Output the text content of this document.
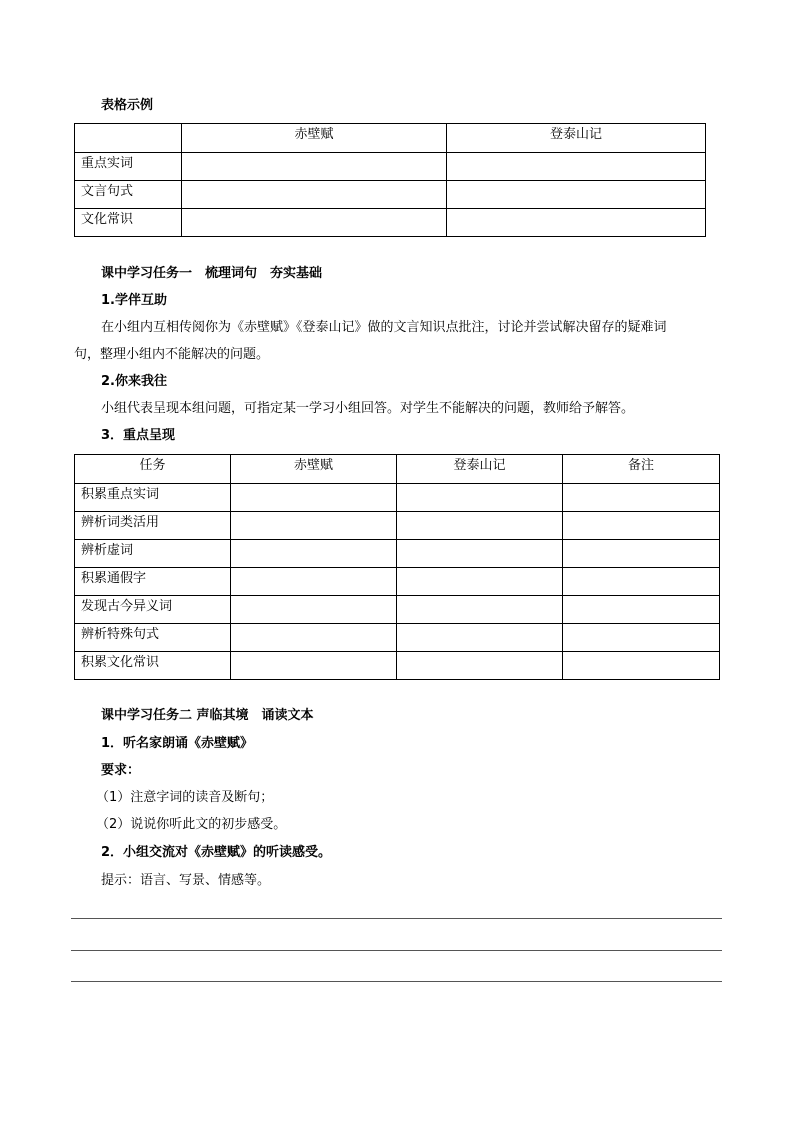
表格示例
	赤壁赋	登泰山记
重点实词		
文言句式		
文化常识		
课中学习任务一　梳理词句　夯实基础
1.学伴互助
在小组内互相传阅你为《赤壁赋》《登泰山记》做的文言知识点批注，讨论并尝试解决留存的疑难词
句，整理小组内不能解决的问题。
2.你来我往
小组代表呈现本组问题，可指定某一学习小组回答。对学生不能解决的问题，教师给予解答。
3．重点呈现
任务	赤壁赋	登泰山记	备注
积累重点实词			
辨析词类活用			
辨析虚词			
积累通假字			
发现古今异义词			
辨析特殊句式			
积累文化常识			
课中学习任务二 声临其境　诵读文本
1．听名家朗诵《赤壁赋》
要求：
（1）注意字词的读音及断句；
（2）说说你听此文的初步感受。
2．小组交流对《赤壁赋》的听读感受。
提示：语言、写景、情感等。
